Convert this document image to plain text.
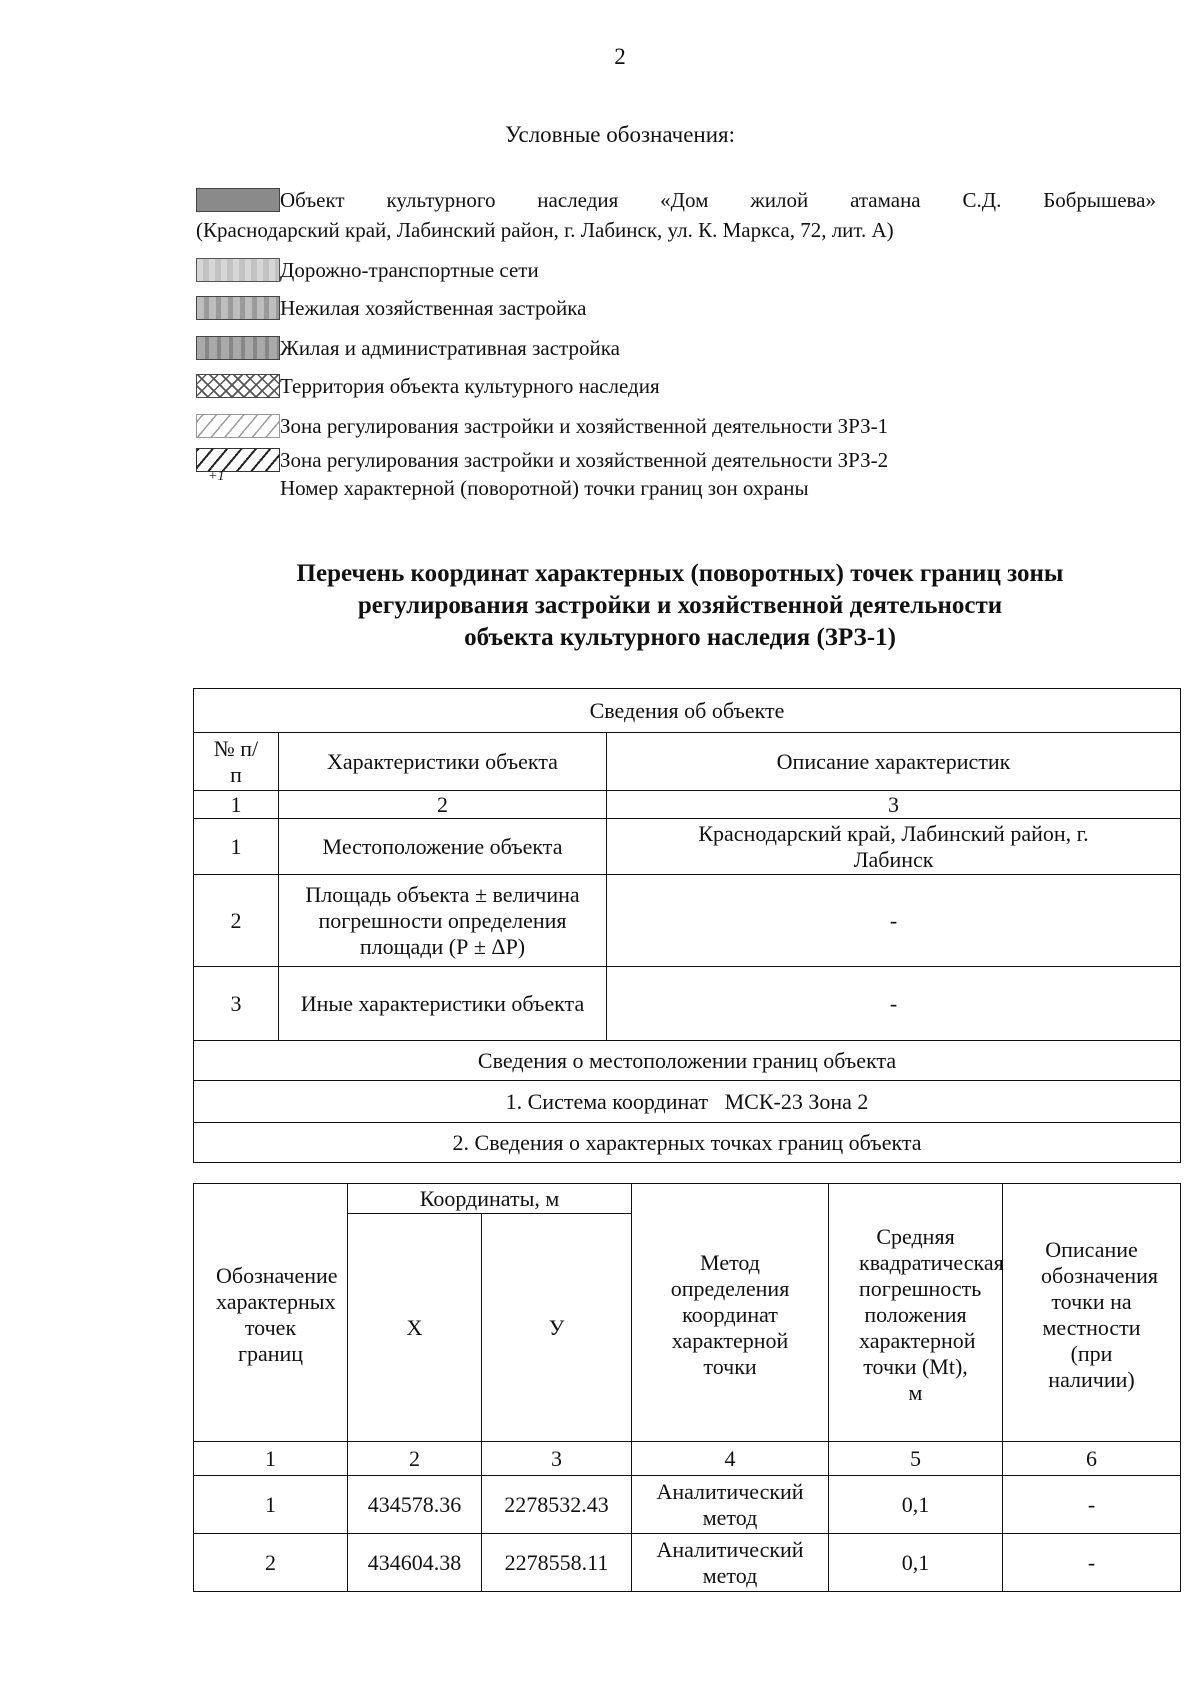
2
Условные обозначения:
Объект культурного наследия «Дом жилой атамана С.Д. Бобрышева»
(Краснодарский край, Лабинский район, г. Лабинск, ул. К. Маркса, 72, лит. А)
Дорожно-транспортные сети
Нежилая хозяйственная застройка
Жилая и административная застройка
Территория объекта культурного наследия
Зона регулирования застройки и хозяйственной деятельности ЗРЗ-1
Зона регулирования застройки и хозяйственной деятельности ЗРЗ-2
+1	Номер характерной (поворотной) точки границ зон охраны
Перечень координат характерных (поворотных) точек границ зоны
регулирования застройки и хозяйственной деятельности
объекта культурного наследия (ЗРЗ-1)
Сведения об объекте		
№ п/п	Характеристики объекта	Описание характеристик
1	2	3
1	Местоположение объекта	Краснодарский край, Лабинский район, г. Лабинск
2	Площадь объекта ± величина погрешности определения площади (Р ± ΔР)	-
3	Иные характеристики объекта	-
Сведения о местоположении границ объекта		
1. Система координат МСК-23 Зона 2		
2. Сведения о характерных точках границ объекта		
Обозначение характерных точек границ	Координаты, м		Метод определения координат характерной точки	Средняя квадратическая погрешность положения характерной точки (Mt), м	Описание обозначения точки на местности (при наличии)
	X	У			
1	2	3	4	5	6
1	434578.36	2278532.43	Аналитический метод	0,1	-
2	434604.38	2278558.11	Аналитический метод	0,1	-
